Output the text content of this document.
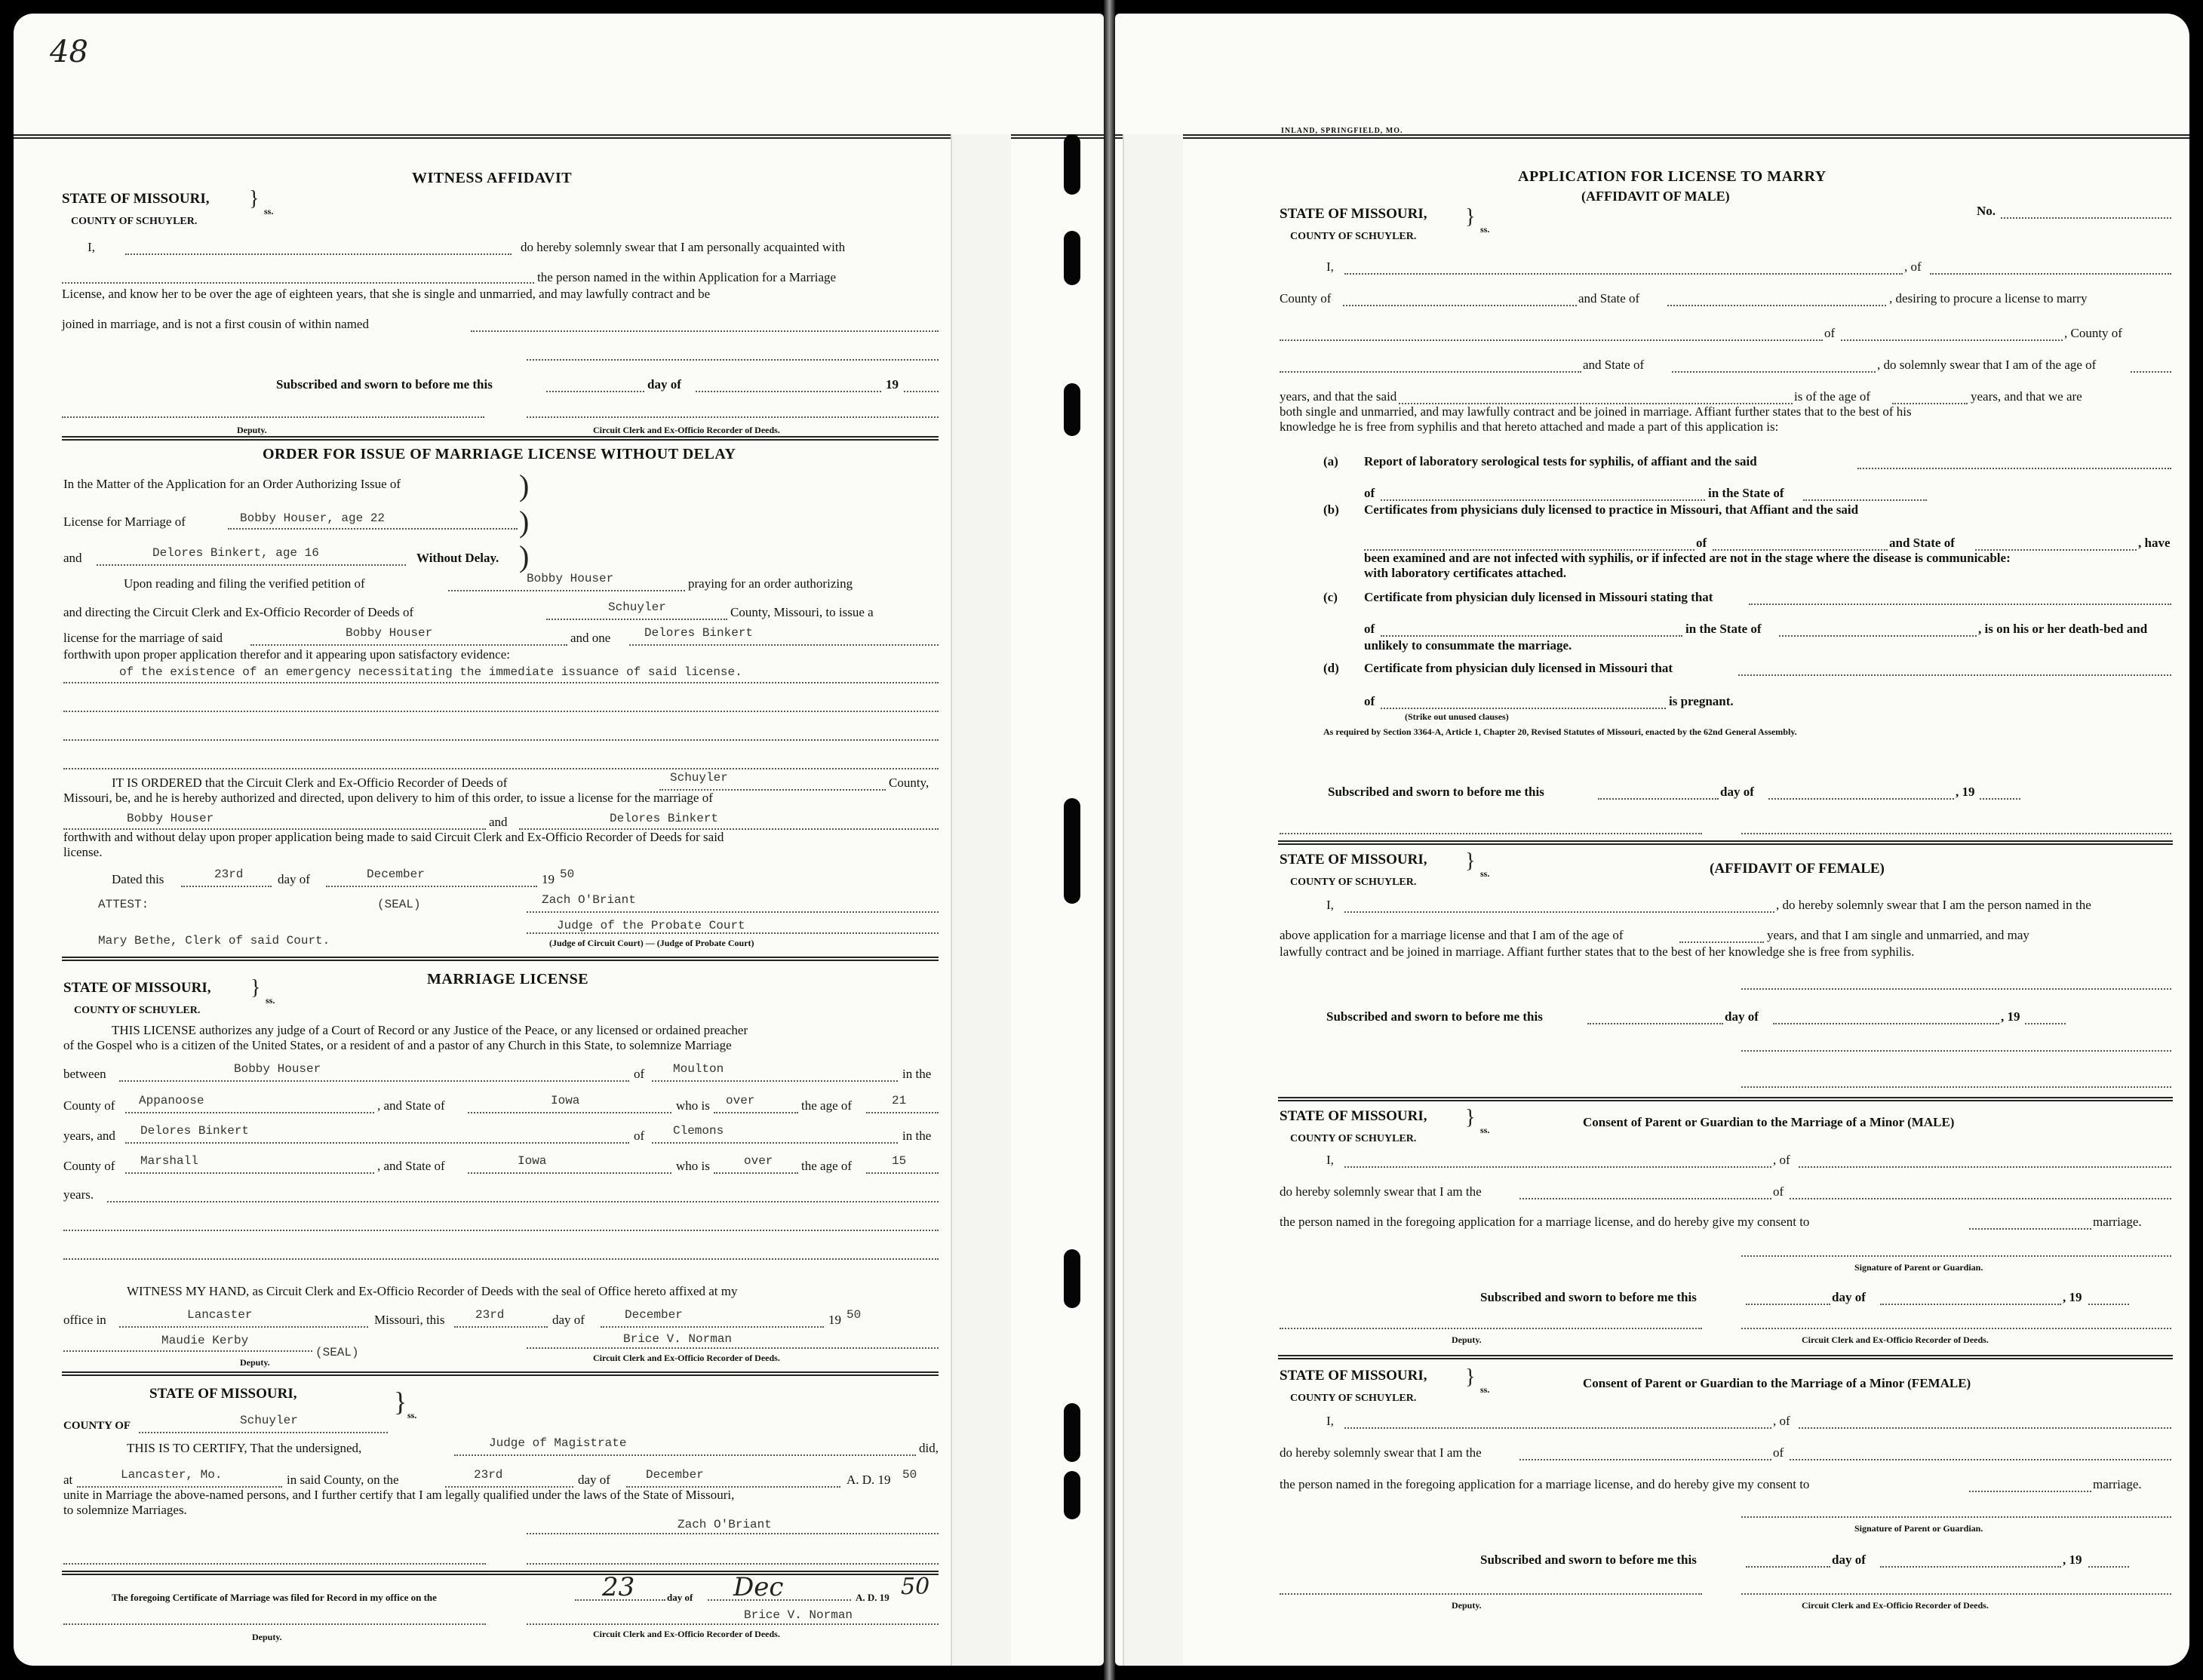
48
WITNESS AFFIDAVIT
STATE OF MISSOURI, }
ss.
COUNTY OF SCHUYLER.
I,	do hereby solemnly swear that I am personally acquainted with
the person named in the within Application for a Marriage
License, and know her to be over the age of eighteen years, that she is single and unmarried, and may lawfully contract and be
joined in marriage, and is not a first cousin of within named
Subscribed and sworn to before me this	day of	19
Deputy.	Circuit Clerk and Ex-Officio Recorder of Deeds.
ORDER FOR ISSUE OF MARRIAGE LICENSE WITHOUT DELAY
In the Matter of the Application for an Order Authorizing Issue of	)
License for Marriage of	Bobby Houser, age 22	)
and	Delores Binkert, age 16	Without Delay. )
Upon reading and filing the verified petition of	Bobby Houser	praying for an order authorizing
and directing the Circuit Clerk and Ex-Officio Recorder of Deeds of	Schuyler	County, Missouri, to issue a
license for the marriage of said	Bobby Houser	and one	Delores Binkert
forthwith upon proper application therefor and it appearing upon satisfactory evidence:
of the existence of an emergency necessitating the immediate issuance of said license.
IT IS ORDERED that the Circuit Clerk and Ex-Officio Recorder of Deeds of	Schuyler	County,
Missouri, be, and he is hereby authorized and directed, upon delivery to him of this order, to issue a license for the marriage of
Bobby Houser	and	Delores Binkert
forthwith and without delay upon proper application being made to said Circuit Clerk and Ex-Officio Recorder of Deeds for said
license.
Dated this	23rd	day of	December	19 50
ATTEST:	(SEAL)	Zach O'Briant
Judge of the Probate Court
(Judge of Circuit Court) — (Judge of Probate Court)
Mary Bethe, Clerk of said Court.
STATE OF MISSOURI, }
ss.
COUNTY OF SCHUYLER.
MARRIAGE LICENSE
THIS LICENSE authorizes any judge of a Court of Record or any Justice of the Peace, or any licensed or ordained preacher
of the Gospel who is a citizen of the United States, or a resident of and a pastor of any Church in this State, to solemnize Marriage
between	Bobby Houser	of Moulton	in the
County of Appanoose	, and State of	Iowa	who is over	the age of	21
years, and Delores Binkert	of Clemons	in the
County of Marshall	, and State of	Iowa	who is	over the age of	15
years.
WITNESS MY HAND, as Circuit Clerk and Ex-Officio Recorder of Deeds with the seal of Office hereto affixed at my
office in	Lancaster	Missouri, this	23rd	day of	December	19 50
Maudie Kerby
(SEAL)
Deputy.
Brice V. Norman
Circuit Clerk and Ex-Officio Recorder of Deeds.
STATE OF MISSOURI,	} ss.
COUNTY OF	Schuyler
THIS IS TO CERTIFY, That the undersigned,	Judge of Magistrate	did,
at	Lancaster, Mo.	in said County, on the	23rd	day of	December	A. D. 19 50
unite in Marriage the above-named persons, and I further certify that I am legally qualified under the laws of the State of Missouri,
to solemnize Marriages.
Zach O'Briant
The foregoing Certificate of Marriage was filed for Record in my office on the	23	day of Dec	A. D. 19 50
Brice V. Norman
Deputy.	Circuit Clerk and Ex-Officio Recorder of Deeds.
INLAND, SPRINGFIELD, MO.
APPLICATION FOR LICENSE TO MARRY
(AFFIDAVIT OF MALE)
No.
STATE OF MISSOURI, }
ss.
COUNTY OF SCHUYLER.
I,	, of
County of	and State of	, desiring to procure a license to marry
of	, County of
and State of	, do solemnly swear that I am of the age of
years, and that the said	is of the age of	years, and that we are
both single and unmarried, and may lawfully contract and be joined in marriage. Affiant further states that to the best of his
knowledge he is free from syphilis and that hereto attached and made a part of this application is:
(a) Report of laboratory serological tests for syphilis, of affiant and the said
of	in the State of
(b) Certificates from physicians duly licensed to practice in Missouri, that Affiant and the said
of	and State of	, have
been examined and are not infected with syphilis, or if infected are not in the stage where the disease is communicable:
with laboratory certificates attached.
(c) Certificate from physician duly licensed in Missouri stating that
of	in the State of	, is on his or her death-bed and
unlikely to consummate the marriage.
(d) Certificate from physician duly licensed in Missouri that
of	is pregnant.
(Strike out unused clauses)
As required by Section 3364-A, Article 1, Chapter 20, Revised Statutes of Missouri, enacted by the 62nd General Assembly.
Subscribed and sworn to before me this	day of	, 19
STATE OF MISSOURI, }
ss.
COUNTY OF SCHUYLER.
(AFFIDAVIT OF FEMALE)
I,	, do hereby solemnly swear that I am the person named in the
above application for a marriage license and that I am of the age of	years, and that I am single and unmarried, and may
lawfully contract and be joined in marriage. Affiant further states that to the best of her knowledge she is free from syphilis.
Subscribed and sworn to before me this	day of	, 19
STATE OF MISSOURI, }
ss.
COUNTY OF SCHUYLER.
Consent of Parent or Guardian to the Marriage of a Minor (MALE)
I,	, of
do hereby solemnly swear that I am the	of
the person named in the foregoing application for a marriage license, and do hereby give my consent to	marriage.
Signature of Parent or Guardian.
Subscribed and sworn to before me this	day of	, 19
Deputy.	Circuit Clerk and Ex-Officio Recorder of Deeds.
STATE OF MISSOURI, }
ss.
COUNTY OF SCHUYLER.
Consent of Parent or Guardian to the Marriage of a Minor (FEMALE)
I,	, of
do hereby solemnly swear that I am the	of
the person named in the foregoing application for a marriage license, and do hereby give my consent to	marriage.
Signature of Parent or Guardian.
Subscribed and sworn to before me this	day of	, 19
Deputy.	Circuit Clerk and Ex-Officio Recorder of Deeds.
